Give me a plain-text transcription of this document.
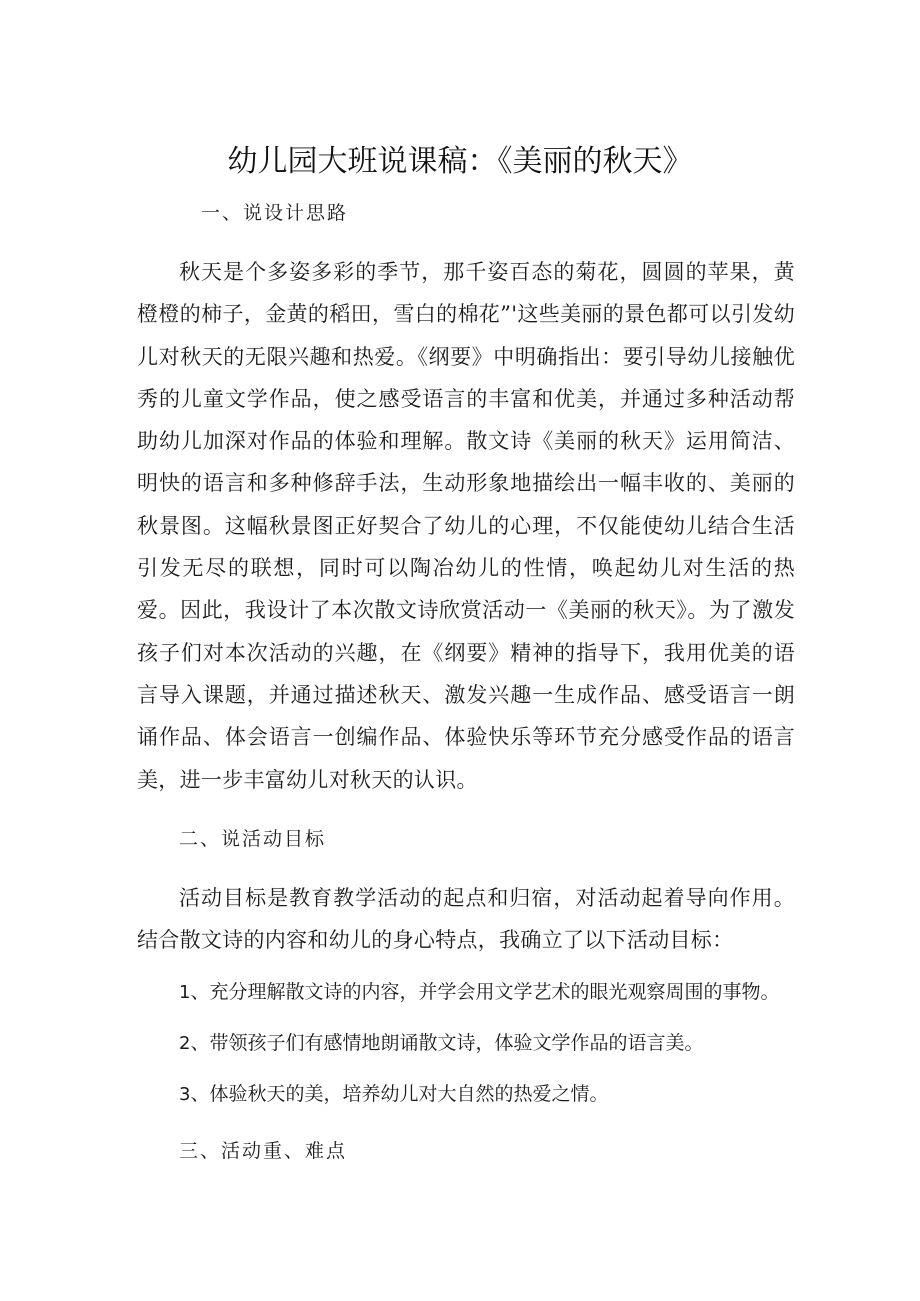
幼儿园大班说课稿：《美丽的秋天》

一、说设计思路

秋天是个多姿多彩的季节，那千姿百态的菊花，圆圆的苹果，黄橙橙的柿子，金黄的稻田，雪白的棉花”'这些美丽的景色都可以引发幼儿对秋天的无限兴趣和热爱。《纲要》中明确指出：要引导幼儿接触优秀的儿童文学作品，使之感受语言的丰富和优美，并通过多种活动帮助幼儿加深对作品的体验和理解。散文诗《美丽的秋天》运用简洁、明快的语言和多种修辞手法，生动形象地描绘出一幅丰收的、美丽的秋景图。这幅秋景图正好契合了幼儿的心理，不仅能使幼儿结合生活引发无尽的联想，同时可以陶冶幼儿的性情，唤起幼儿对生活的热爱。因此，我设计了本次散文诗欣赏活动一《美丽的秋天》。为了激发孩子们对本次活动的兴趣，在《纲要》精神的指导下，我用优美的语言导入课题，并通过描述秋天、激发兴趣一生成作品、感受语言一朗诵作品、体会语言一创编作品、体验快乐等环节充分感受作品的语言美，进一步丰富幼儿对秋天的认识。

二、说活动目标

活动目标是教育教学活动的起点和归宿，对活动起着导向作用。结合散文诗的内容和幼儿的身心特点，我确立了以下活动目标：

1、充分理解散文诗的内容，并学会用文学艺术的眼光观察周围的事物。

2、带领孩子们有感情地朗诵散文诗，体验文学作品的语言美。

3、体验秋天的美，培养幼儿对大自然的热爱之情。

三、活动重、难点
